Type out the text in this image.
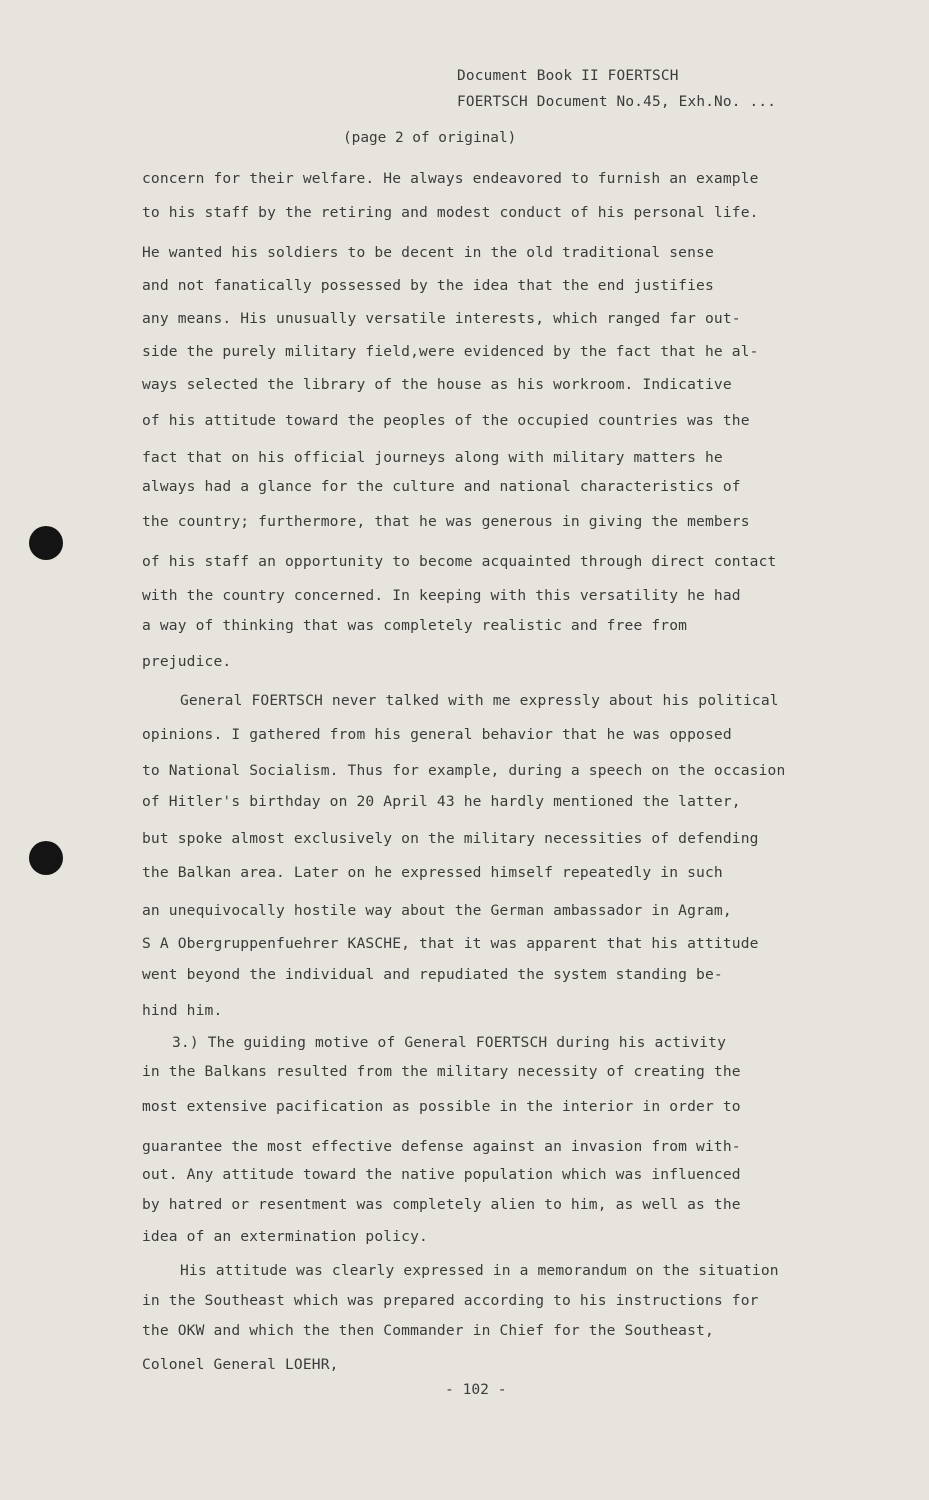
Document Book II FOERTSCH
FOERTSCH Document No.45, Exh.No. ...
(page 2 of original)
concern for their welfare. He always endeavored to furnish an example
to his staff by the retiring and modest conduct of his personal life.
He wanted his soldiers to be decent in the old traditional sense
and not fanatically possessed by the idea that the end justifies
any means. His unusually versatile interests, which ranged far out-
side the purely military field,were evidenced by the fact that he al-
ways selected the library of the house as his workroom. Indicative
of his attitude toward the peoples of the occupied countries was the
fact that on his official journeys along with military matters he
always had a glance for the culture and national characteristics of
the country; furthermore, that he was generous in giving the members
of his staff an opportunity to become acquainted through direct contact
with the country concerned. In keeping with this versatility he had
a way of thinking that was completely realistic and free from
prejudice.
General FOERTSCH never talked with me expressly about his political
opinions. I gathered from his general behavior that he was opposed
to National Socialism. Thus for example, during a speech on the occasion
of Hitler's birthday on 20 April 43 he hardly mentioned the latter,
but spoke almost exclusively on the military necessities of defending
the Balkan area. Later on he expressed himself repeatedly in such
an unequivocally hostile way about the German ambassador in Agram,
S A Obergruppenfuehrer KASCHE, that it was apparent that his attitude
went beyond the individual and repudiated the system standing be-
hind him.
3.) The guiding motive of General FOERTSCH during his activity
in the Balkans resulted from the military necessity of creating the
most extensive pacification as possible in the interior in order to
guarantee the most effective defense against an invasion from with-
out. Any attitude toward the native population which was influenced
by hatred or resentment was completely alien to him, as well as the
idea of an extermination policy.
His attitude was clearly expressed in a memorandum on the situation
in the Southeast which was prepared according to his instructions for
the OKW and which the then Commander in Chief for the Southeast,
Colonel General LOEHR,
- 102 -
